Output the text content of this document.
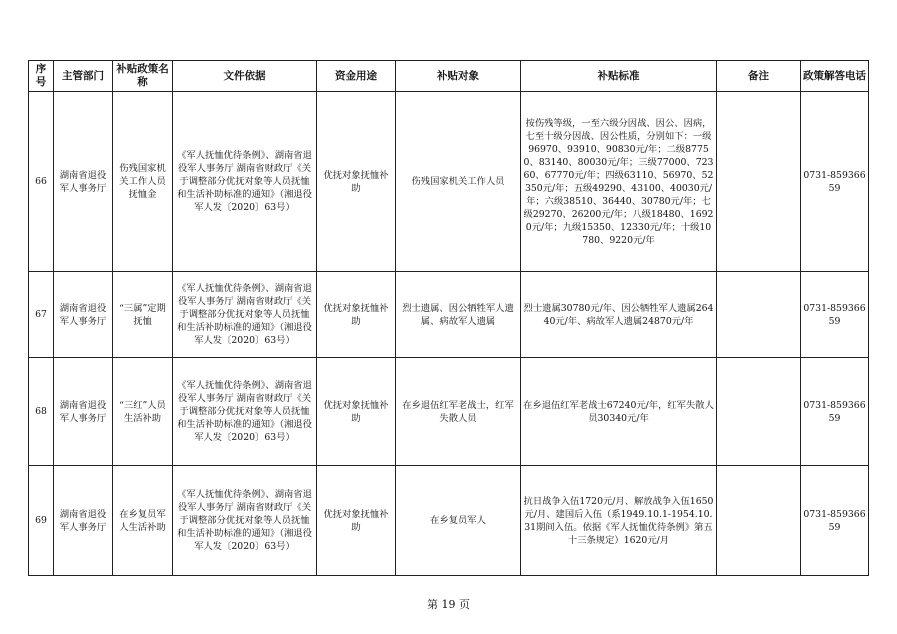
序号	主管部门	补贴政策名称	文件依据	资金用途	补贴对象	补贴标准	备注	政策解答电话
66	湖南省退役军人事务厅	伤残国家机关工作人员抚恤金	《军人抚恤优待条例》、湖南省退役军人事务厅 湖南省财政厅《关于调整部分优抚对象等人员抚恤和生活补助标准的通知》（湘退役军人发〔2020〕63号）	优抚对象抚恤补助	伤残国家机关工作人员	按伤残等级，一至六级分因战、因公、因病，七至十级分因战、因公性质，分别如下：一级96970、93910、90830元/年；二级87750、83140、80030元/年；三级77000、72360、67770元/年；四级63110、56970、52350元/年；五级49290、43100、40030元/年；六级38510、36440、30780元/年；七级29270、26200元/年；八级18480、16920元/年；九级15350、12330元/年；十级10780、9220元/年		0731-85936659
67	湖南省退役军人事务厅	“三属”定期抚恤	《军人抚恤优待条例》、湖南省退役军人事务厅 湖南省财政厅《关于调整部分优抚对象等人员抚恤和生活补助标准的通知》（湘退役军人发〔2020〕63号）	优抚对象抚恤补助	烈士遗属、因公牺牲军人遗属、病故军人遗属	烈士遗属30780元/年、因公牺牲军人遗属26440元/年、病故军人遗属24870元/年		0731-85936659
68	湖南省退役军人事务厅	“三红”人员生活补助	《军人抚恤优待条例》、湖南省退役军人事务厅 湖南省财政厅《关于调整部分优抚对象等人员抚恤和生活补助标准的通知》（湘退役军人发〔2020〕63号）	优抚对象抚恤补助	在乡退伍红军老战士，红军失散人员	在乡退伍红军老战士67240元/年，红军失散人员30340元/年		0731-85936659
69	湖南省退役军人事务厅	在乡复员军人生活补助	《军人抚恤优待条例》、湖南省退役军人事务厅 湖南省财政厅《关于调整部分优抚对象等人员抚恤和生活补助标准的通知》（湘退役军人发〔2020〕63号）	优抚对象抚恤补助	在乡复员军人	抗日战争入伍1720元/月、解放战争入伍1650元/月、建国后入伍（系1949.10.1-1954.10.31期间入伍。依据《军人抚恤优待条例》第五十三条规定）1620元/月		0731-85936659
第 19 页
